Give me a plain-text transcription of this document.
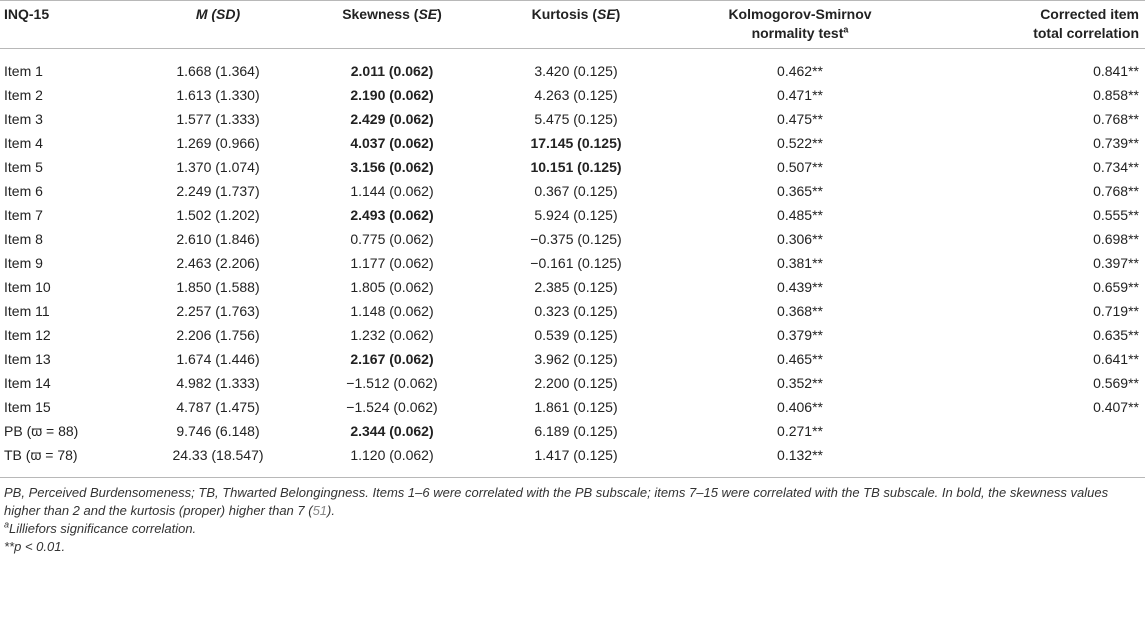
INQ-15	M (SD)	Skewness (SE)	Kurtosis (SE)	Kolmogorov-Smirnov
normality test$^a$	Corrected item
total correlation
Item 1	1.668 (1.364)	2.011 (0.062)	3.420 (0.125)	0.462**	0.841**
Item 2	1.613 (1.330)	2.190 (0.062)	4.263 (0.125)	0.471**	0.858**
Item 3	1.577 (1.333)	2.429 (0.062)	5.475 (0.125)	0.475**	0.768**
Item 4	1.269 (0.966)	4.037 (0.062)	17.145 (0.125)	0.522**	0.739**
Item 5	1.370 (1.074)	3.156 (0.062)	10.151 (0.125)	0.507**	0.734**
Item 6	2.249 (1.737)	1.144 (0.062)	0.367 (0.125)	0.365**	0.768**
Item 7	1.502 (1.202)	2.493 (0.062)	5.924 (0.125)	0.485**	0.555**
Item 8	2.610 (1.846)	0.775 (0.062)	−0.375 (0.125)	0.306**	0.698**
Item 9	2.463 (2.206)	1.177 (0.062)	−0.161 (0.125)	0.381**	0.397**
Item 10	1.850 (1.588)	1.805 (0.062)	2.385 (0.125)	0.439**	0.659**
Item 11	2.257 (1.763)	1.148 (0.062)	0.323 (0.125)	0.368**	0.719**
Item 12	2.206 (1.756)	1.232 (0.062)	0.539 (0.125)	0.379**	0.635**
Item 13	1.674 (1.446)	2.167 (0.062)	3.962 (0.125)	0.465**	0.641**
Item 14	4.982 (1.333)	−1.512 (0.062)	2.200 (0.125)	0.352**	0.569**
Item 15	4.787 (1.475)	−1.524 (0.062)	1.861 (0.125)	0.406**	0.407**
PB (ϖ = 88)	9.746 (6.148)	2.344 (0.062)	6.189 (0.125)	0.271**	
TB (ϖ = 78)	24.33 (18.547)	1.120 (0.062)	1.417 (0.125)	0.132**	

PB, Perceived Burdensomeness; TB, Thwarted Belongingness. Items 1–6 were correlated with the PB subscale; items 7–15 were correlated with the TB subscale. In bold, the skewness values higher than 2 and the kurtosis (proper) higher than 7 (51).

$^a$Lilliefors significance correlation.

**p < 0.01.
